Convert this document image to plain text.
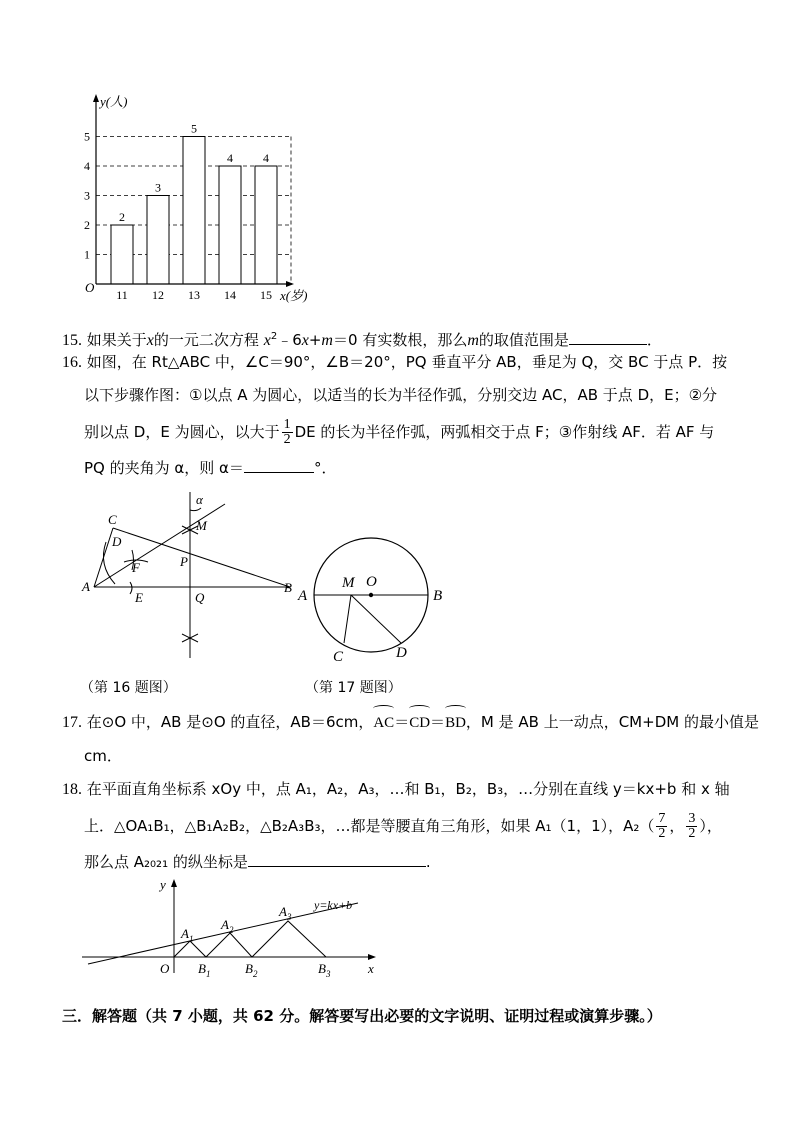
y(人)
x(岁)
O
1
2
3
4
5
2
11
3
12
5
13
4
14
4
15
15. 如果关于x的一元二次方程 $x^2﹣6x+m=0$ 有实数根，那么m的取值范围是	．
16. 如图，在 Rt△ABC 中，∠C＝90°，∠B＝20°，PQ 垂直平分 AB，垂足为 Q，交 BC 于点 P．按
以下步骤作图：①以点 A 为圆心，以适当的长为半径作弧，分别交边 AC，AB 于点 D，E；②分
别以点 D，E 为圆心，以大于 $\frac{1}{2}$ DE 的长为半径作弧，两弧相交于点 F；③作射线 AF．若 AF 与
PQ 的夹角为 α，则 α＝	°．
C
D
A
F
E	Q
P
M
B
α
（第 16 题图）
M O
A	B
C	D
（第 17 题图）
17. 在⊙O 中，AB 是⊙O 的直径，AB＝6cm，AC＝CD＝BD，M 是 AB 上一动点，CM+DM 的最小值是
cm．
18. 在平面直角坐标系 xOy 中，点 A₁，A₂，A₃，…和 B₁，B₂，B₃，…分别在直线 y＝kx+b 和 x 轴
上．△OA₁B₁，△B₁A₂B₂，△B₂A₃B₃，…都是等腰直角三角形，如果 A₁（1，1），$A_2( \frac{7}{2}$ ， $\frac{3}{2}$ ），
那么点 A₂₀₂₁ 的纵坐标是	.
y
x
O
y=kx+b
$A_1$
$A_2$
$A_3$
$B_1$	$B_2$	$B_3$
三．解答题（共 7 小题，共 62 分。解答要写出必要的文字说明、证明过程或演算步骤。）
